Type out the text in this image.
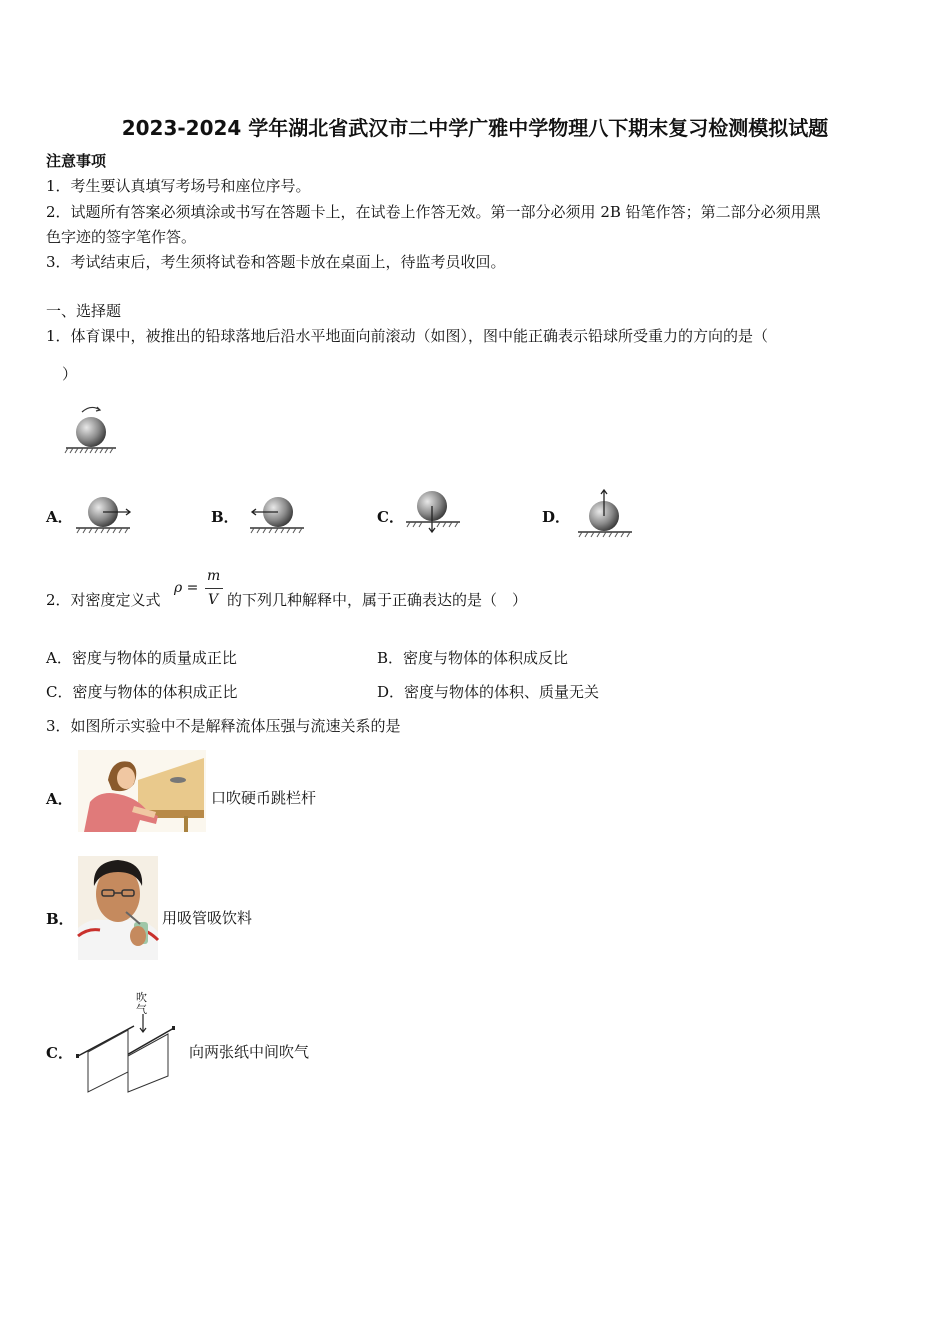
2023-2024 学年湖北省武汉市二中学广雅中学物理八下期末复习检测模拟试题
注意事项
1．考生要认真填写考场号和座位序号。
2．试题所有答案必须填涂或书写在答题卡上，在试卷上作答无效。第一部分必须用 2B 铅笔作答；第二部分必须用黑
色字迹的签字笔作答。
3．考试结束后，考生须将试卷和答题卡放在桌面上，待监考员收回。
一、选择题
1．体育课中，被推出的铅球落地后沿水平地面向前滚动（如图），图中能正确表示铅球所受重力的方向的是（
）
A．	B．	C．	D．
2．对密度定义式
ρ =
m
V 的下列几种解释中，属于正确表达的是（　）
A．密度与物体的质量成正比	B．密度与物体的体积成反比
C．密度与物体的体积成正比	D．密度与物体的体积、质量无关
3．如图所示实验中不是解释流体压强与流速关系的是
A．	口吹硬币跳栏杆
B．	用吸管吸饮料
C．
吹气
向两张纸中间吹气
